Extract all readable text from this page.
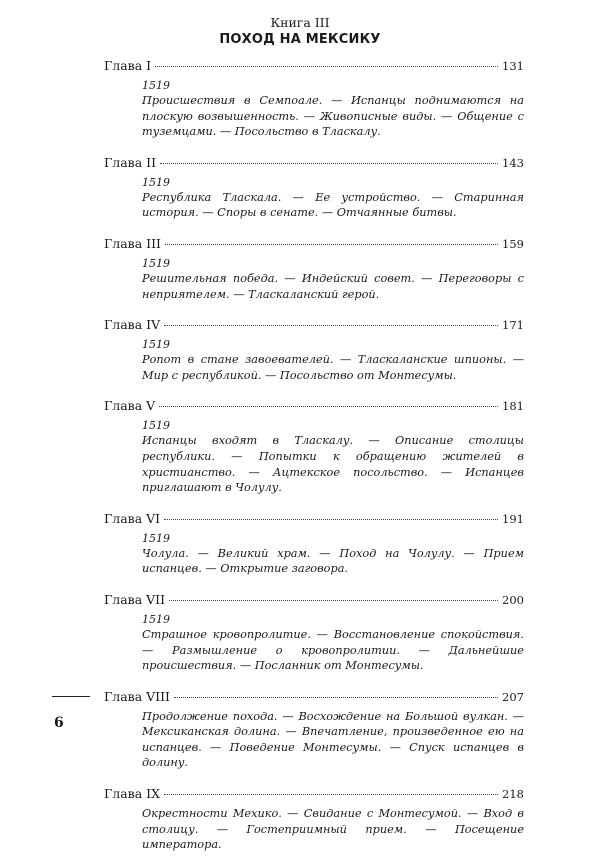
Книга III
ПОХОД НА МЕКСИКУ
Глава I	131
1519
Происшествия в Семпоале. — Испанцы поднимаются на плоскую возвышенность. — Живописные виды. — Общение с туземцами. — Посольство в Тласкалу.
Глава II	143
1519
Республика Тласкала. — Ее устройство. — Старинная история. — Споры в сенате. — Отчаянные битвы.
Глава III	159
1519
Решительная победа. — Индейский совет. — Переговоры с неприятелем. — Тласкаланский герой.
Глава IV	171
1519
Ропот в стане завоевателей. — Тласкаланские шпионы. — Мир с республикой. — Посольство от Монтесумы.
Глава V	181
1519
Испанцы входят в Тласкалу. — Описание столицы республики. — Попытки к обращению жителей в христианство. — Ацтекское посольство. — Испанцев приглашают в Чолулу.
Глава VI	191
1519
Чолула. — Великий храм. — Поход на Чолулу. — Прием испанцев. — Открытие заговора.
Глава VII	200
1519
Страшное кровопролитие. — Восстановление спокойствия. — Размышление о кровопролитии. — Дальнейшие происшествия. — Посланник от Монтесумы.
Глава VIII	207
Продолжение похода. — Восхождение на Большой вулкан. — Мексиканская долина. — Впечатление, произведенное ею на испанцев. — Поведение Монтесумы. — Спуск испанцев в долину.
Глава IX	218
Окрестности Мехико. — Свидание с Монтесумой. — Вход в столицу. — Гостеприимный прием. — Посещение императора.
6
